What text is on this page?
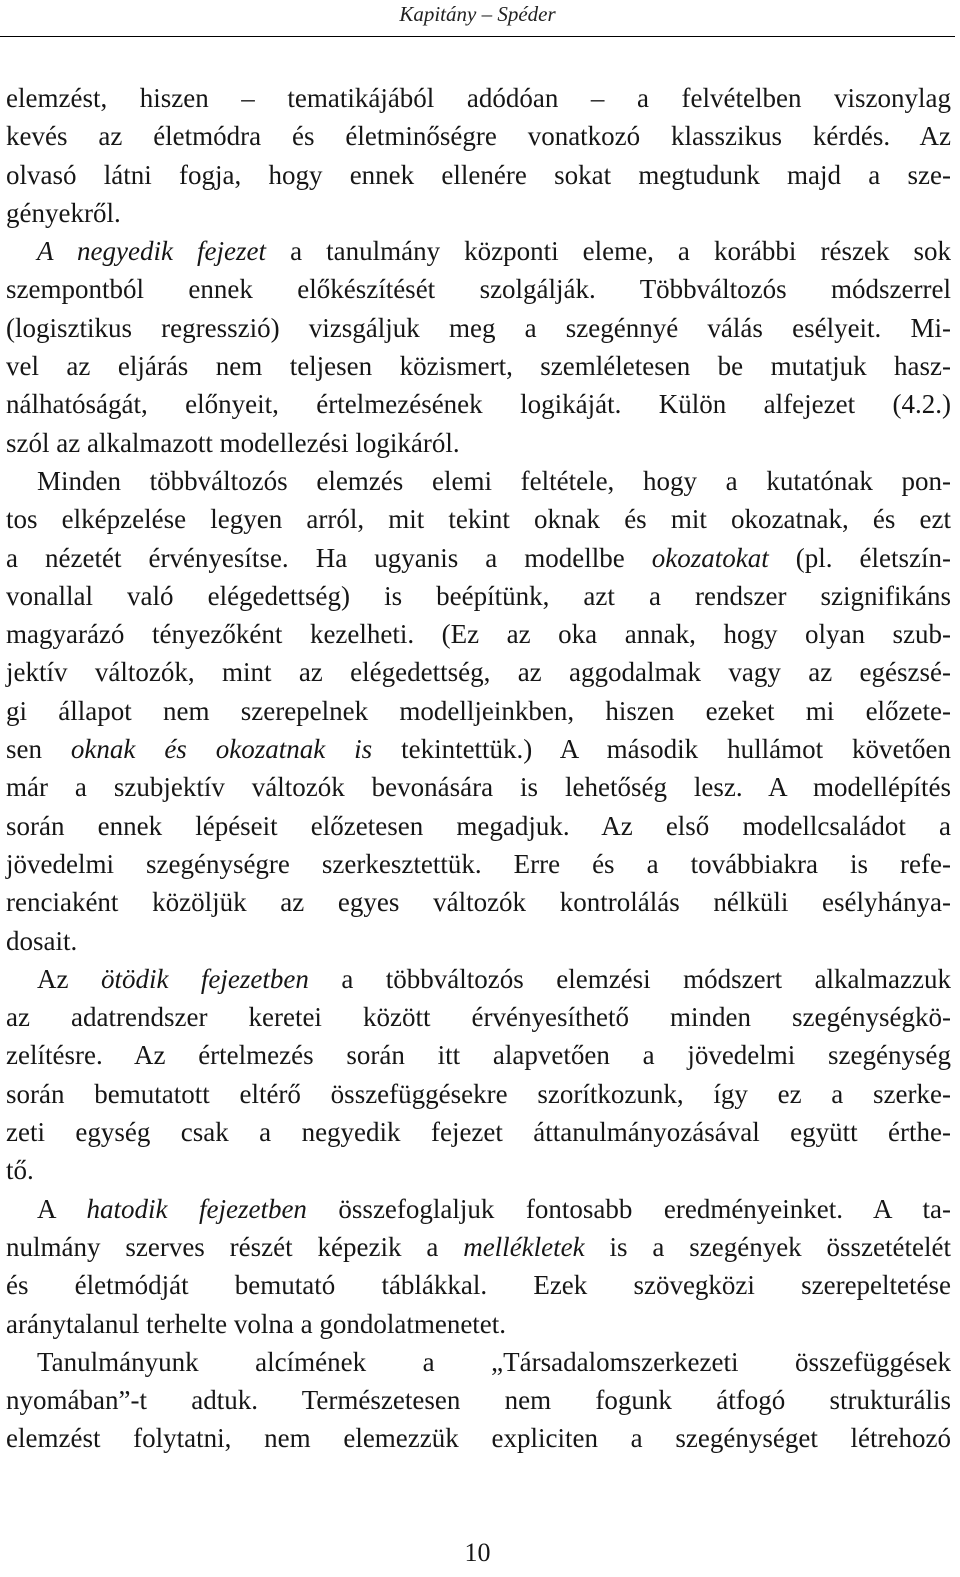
Kapitány – Spéder
elemzést, hiszen – tematikájából adódóan – a felvételben viszonylag
kevés az életmódra és életminőségre vonatkozó klasszikus kérdés. Az
olvasó látni fogja, hogy ennek ellenére sokat megtudunk majd a sze-
gényekről.
A negyedik fejezet a tanulmány központi eleme, a korábbi részek sok
szempontból ennek előkészítését szolgálják. Többváltozós módszerrel
(logisztikus regresszió) vizsgáljuk meg a szegénnyé válás esélyeit. Mi-
vel az eljárás nem teljesen közismert, szemléletesen be mutatjuk hasz-
nálhatóságát, előnyeit, értelmezésének logikáját. Külön alfejezet (4.2.)
szól az alkalmazott modellezési logikáról.
Minden többváltozós elemzés elemi feltétele, hogy a kutatónak pon-
tos elképzelése legyen arról, mit tekint oknak és mit okozatnak, és ezt
a nézetét érvényesítse. Ha ugyanis a modellbe okozatokat (pl. életszín-
vonallal való elégedettség) is beépítünk, azt a rendszer szignifikáns
magyarázó tényezőként kezelheti. (Ez az oka annak, hogy olyan szub-
jektív változók, mint az elégedettség, az aggodalmak vagy az egészsé-
gi állapot nem szerepelnek modelljeinkben, hiszen ezeket mi előzete-
sen oknak és okozatnak is tekintettük.) A második hullámot követően
már a szubjektív változók bevonására is lehetőség lesz. A modellépítés
során ennek lépéseit előzetesen megadjuk. Az első modellcsaládot a
jövedelmi szegénységre szerkesztettük. Erre és a továbbiakra is refe-
renciaként közöljük az egyes változók kontrolálás nélküli esélyhánya-
dosait.
Az ötödik fejezetben a többváltozós elemzési módszert alkalmazzuk
az adatrendszer keretei között érvényesíthető minden szegénységkö-
zelítésre. Az értelmezés során itt alapvetően a jövedelmi szegénység
során bemutatott eltérő összefüggésekre szorítkozunk, így ez a szerke-
zeti egység csak a negyedik fejezet áttanulmányozásával együtt érthe-
tő.
A hatodik fejezetben összefoglaljuk fontosabb eredményeinket. A ta-
nulmány szerves részét képezik a mellékletek is a szegények összetételét
és életmódját bemutató táblákkal. Ezek szövegközi szerepeltetése
aránytalanul terhelte volna a gondolatmenetet.
Tanulmányunk alcímének a „Társadalomszerkezeti összefüggések
nyomában”-t adtuk. Természetesen nem fogunk átfogó strukturális
elemzést folytatni, nem elemezzük expliciten a szegénységet létrehozó
10
